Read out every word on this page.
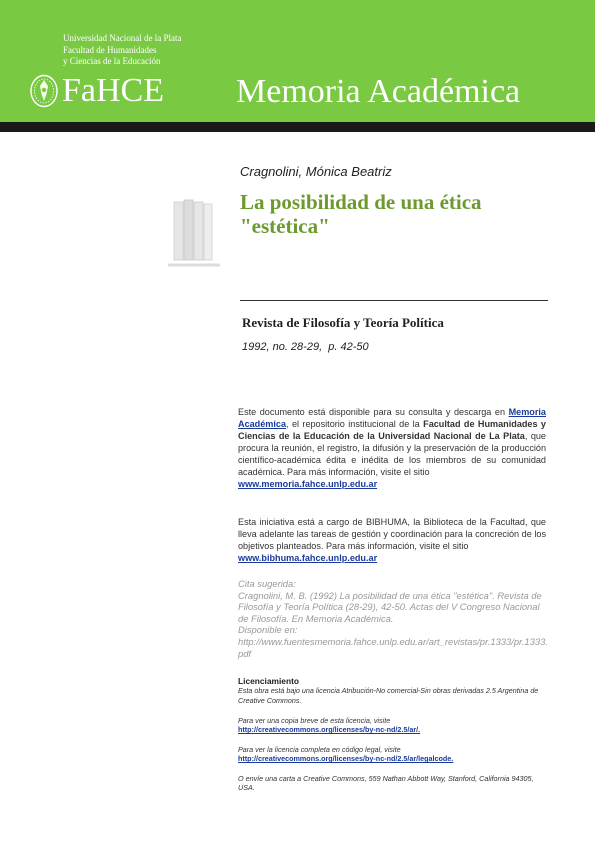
Universidad Nacional de la Plata
Facultad de Humanidades
y Ciencias de la Educación
FaHCE Memoria Académica
Cragnolini, Mónica Beatriz
La posibilidad de una ética "estética"
Revista de Filosofía y Teoría Política
1992, no. 28-29,  p. 42-50
Este documento está disponible para su consulta y descarga en Memoria Académica, el repositorio institucional de la Facultad de Humanidades y Ciencias de la Educación de la Universidad Nacional de La Plata, que procura la reunión, el registro, la difusión y la preservación de la producción científico-académica édita e inédita de los miembros de su comunidad académica. Para más información, visite el sitio
www.memoria.fahce.unlp.edu.ar
Esta iniciativa está a cargo de BIBHUMA, la Biblioteca de la Facultad, que lleva adelante las tareas de gestión y coordinación para la concreción de los objetivos planteados. Para más información, visite el sitio
www.bibhuma.fahce.unlp.edu.ar
Cita sugerida:
Cragnolini, M. B. (1992) La posibilidad de una ética "estética". Revista de Filosofía y Teoría Política (28-29), 42-50. Actas del V Congreso Nacional de Filosofía. En Memoria Académica.
Disponible en:
http://www.fuentesmemoria.fahce.unlp.edu.ar/art_revistas/pr.1333/pr.1333.pdf
Licenciamiento
Esta obra está bajo una licencia Atribución-No comercial-Sin obras derivadas 2.5 Argentina de Creative Commons.
Para ver una copia breve de esta licencia, visite
http://creativecommons.org/licenses/by-nc-nd/2.5/ar/.
Para ver la licencia completa en código legal, visite
http://creativecommons.org/licenses/by-nc-nd/2.5/ar/legalcode.
O envíe una carta a Creative Commons, 559 Nathan Abbott Way, Stanford, California 94305, USA.
